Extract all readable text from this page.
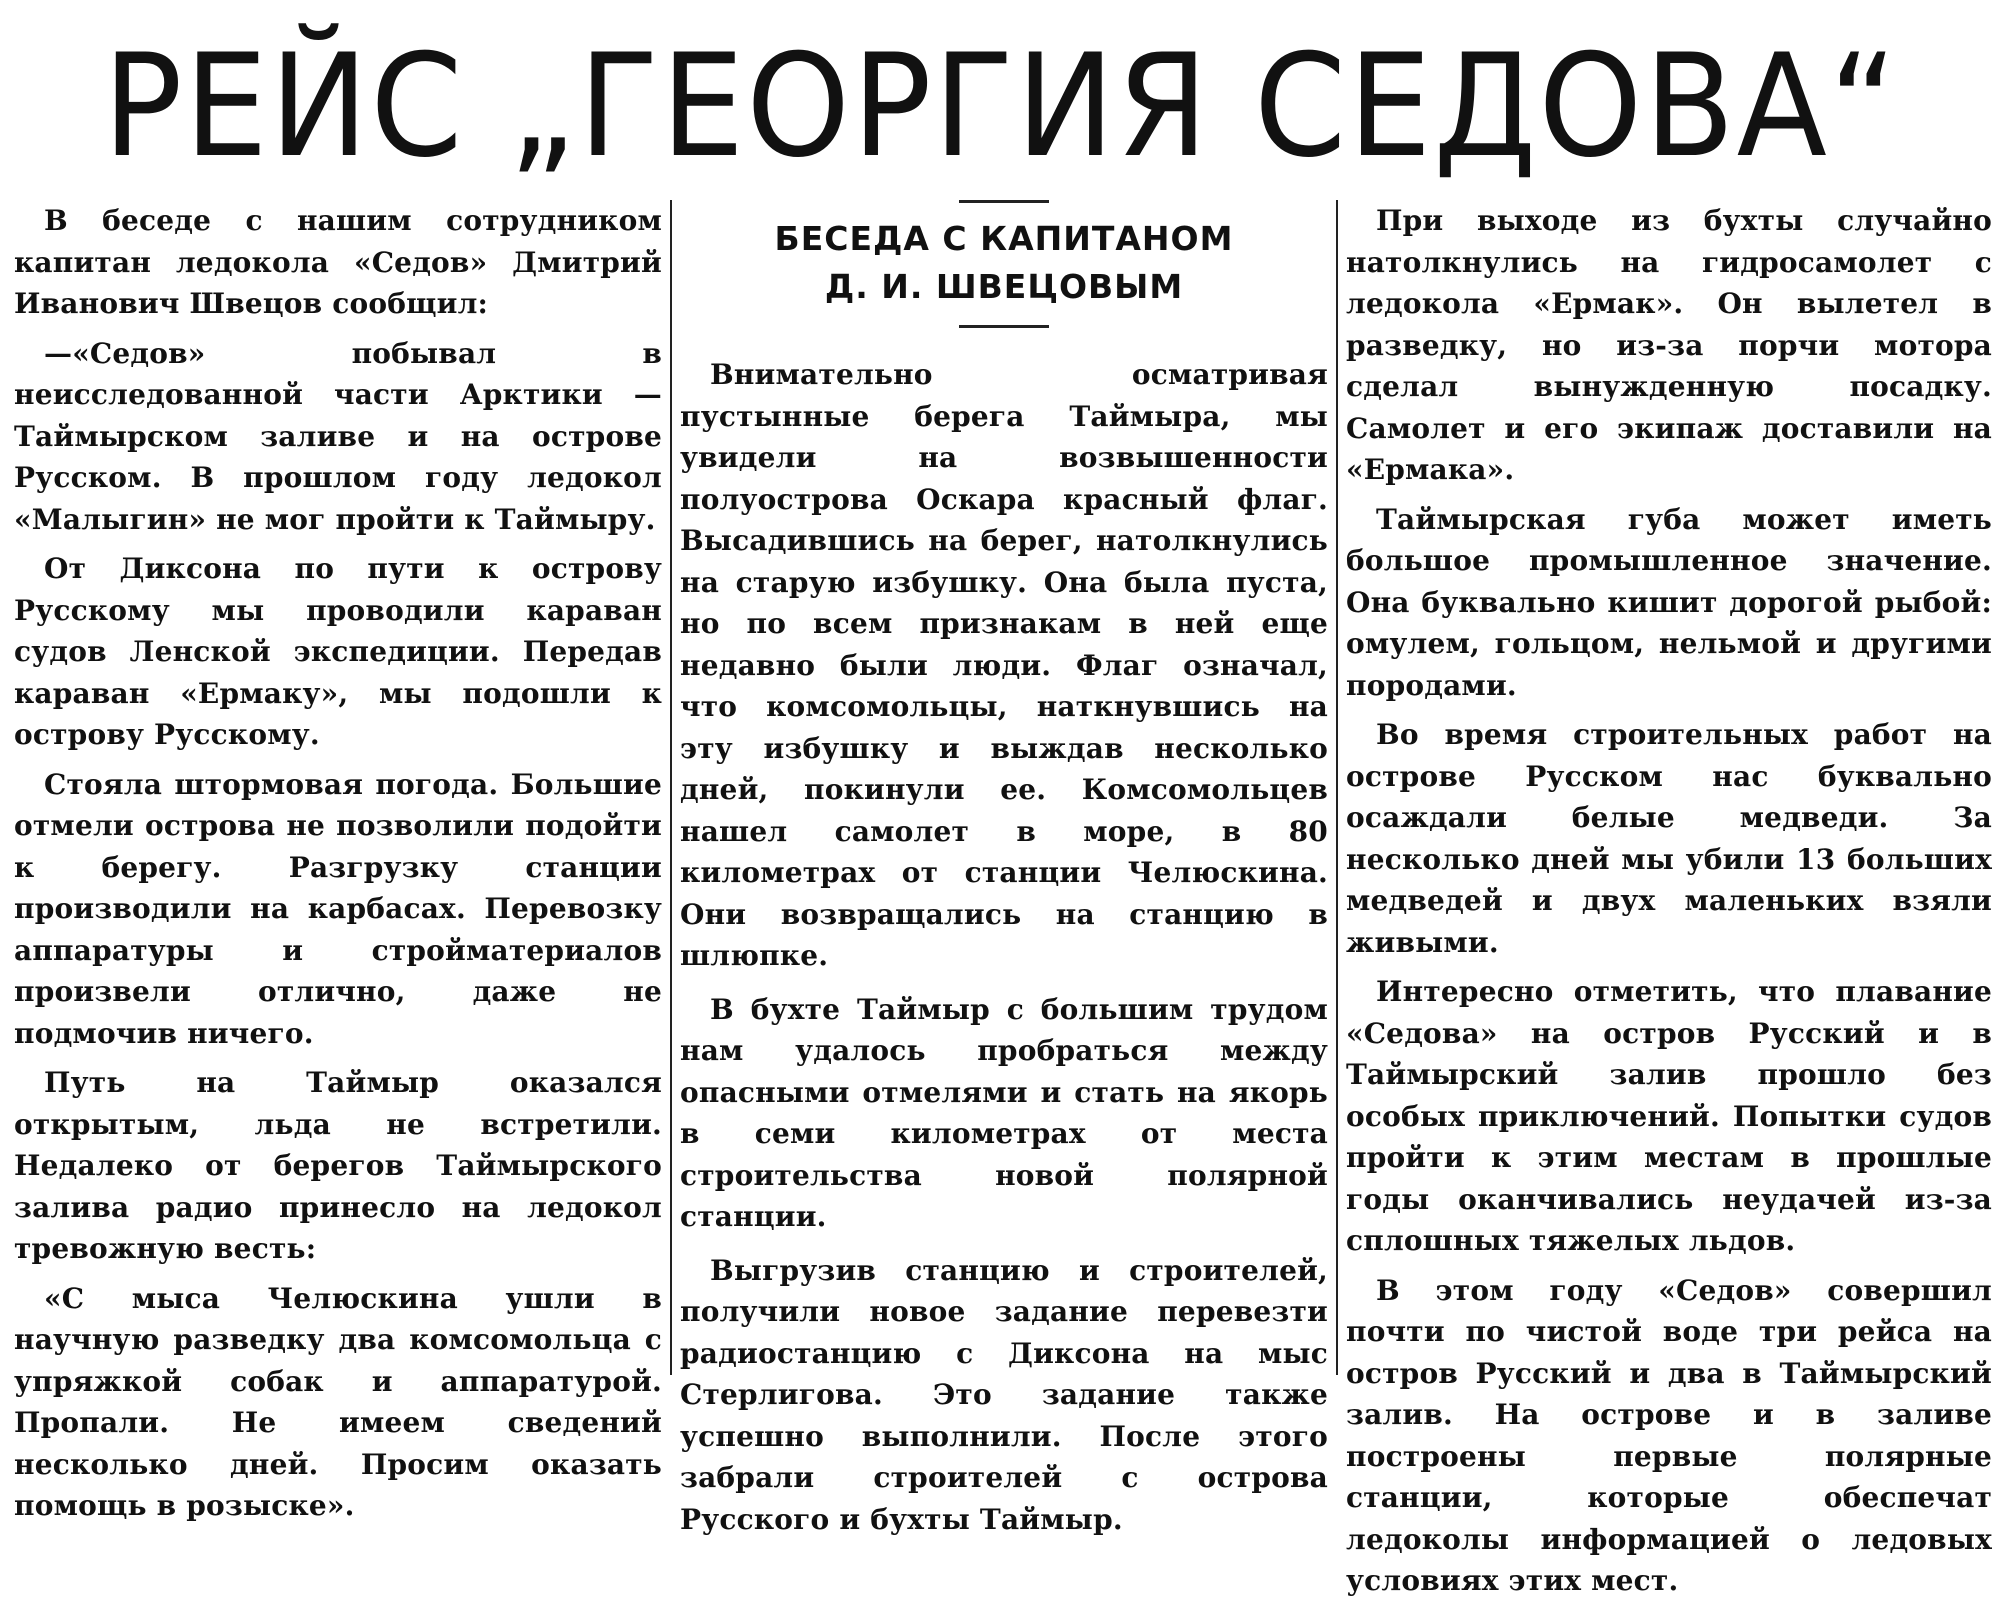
РЕЙС „ГЕОРГИЯ СЕДОВА“

В беседе с нашим сотрудником капитан ледокола «Седов» Дмитрий Иванович Швецов сообщил:

—«Седов» побывал в неисследованной части Арктики — Таймырском заливе и на острове Русском. В прошлом году ледокол «Малыгин» не мог пройти к Таймыру.

От Диксона по пути к острову Русскому мы проводили караван судов Ленской экспедиции. Передав караван «Ермаку», мы подошли к острову Русскому.

Стояла штормовая погода. Большие отмели острова не позволили подойти к берегу. Разгрузку станции производили на карбасах. Перевозку аппаратуры и стройматериалов произвели отлично, даже не подмочив ничего.

Путь на Таймыр оказался открытым, льда не встретили. Недалеко от берегов Таймырского залива радио принесло на ледокол тревожную весть:

«С мыса Челюскина ушли в научную разведку два комсомольца с упряжкой собак и аппаратурой. Пропали. Не имеем сведений несколько дней. Просим оказать помощь в розыске».

БЕСЕДА С КАПИТАНОМ
Д. И. ШВЕЦОВЫМ

Внимательно осматривая пустынные берега Таймыра, мы увидели на возвышенности полуострова Оскара красный флаг. Высадившись на берег, натолкнулись на старую избушку. Она была пуста, но по всем признакам в ней еще недавно были люди. Флаг означал, что комсомольцы, наткнувшись на эту избушку и выждав несколько дней, покинули ее. Комсомольцев нашел самолет в море, в 80 километрах от станции Челюскина. Они возвращались на станцию в шлюпке.

В бухте Таймыр с большим трудом нам удалось пробраться между опасными отмелями и стать на якорь в семи километрах от места строительства новой полярной станции.

Выгрузив станцию и строителей, получили новое задание перевезти радиостанцию с Диксона на мыс Стерлигова. Это задание также успешно выполнили. После этого забрали строителей с острова Русского и бухты Таймыр.

При выходе из бухты случайно натолкнулись на гидросамолет с ледокола «Ермак». Он вылетел в разведку, но из-за порчи мотора сделал вынужденную посадку. Самолет и его экипаж доставили на «Ермака».

Таймырская губа может иметь большое промышленное значение. Она буквально кишит дорогой рыбой: омулем, гольцом, нельмой и другими породами.

Во время строительных работ на острове Русском нас буквально осаждали белые медведи. За несколько дней мы убили 13 больших медведей и двух маленьких взяли живыми.

Интересно отметить, что плавание «Седова» на остров Русский и в Таймырский залив прошло без особых приключений. Попытки судов пройти к этим местам в прошлые годы оканчивались неудачей из-за сплошных тяжелых льдов.

В этом году «Седов» совершил почти по чистой воде три рейса на остров Русский и два в Таймырский залив. На острове и в заливе построены первые полярные станции, которые обеспечат ледоколы информацией о ледовых условиях этих мест.
